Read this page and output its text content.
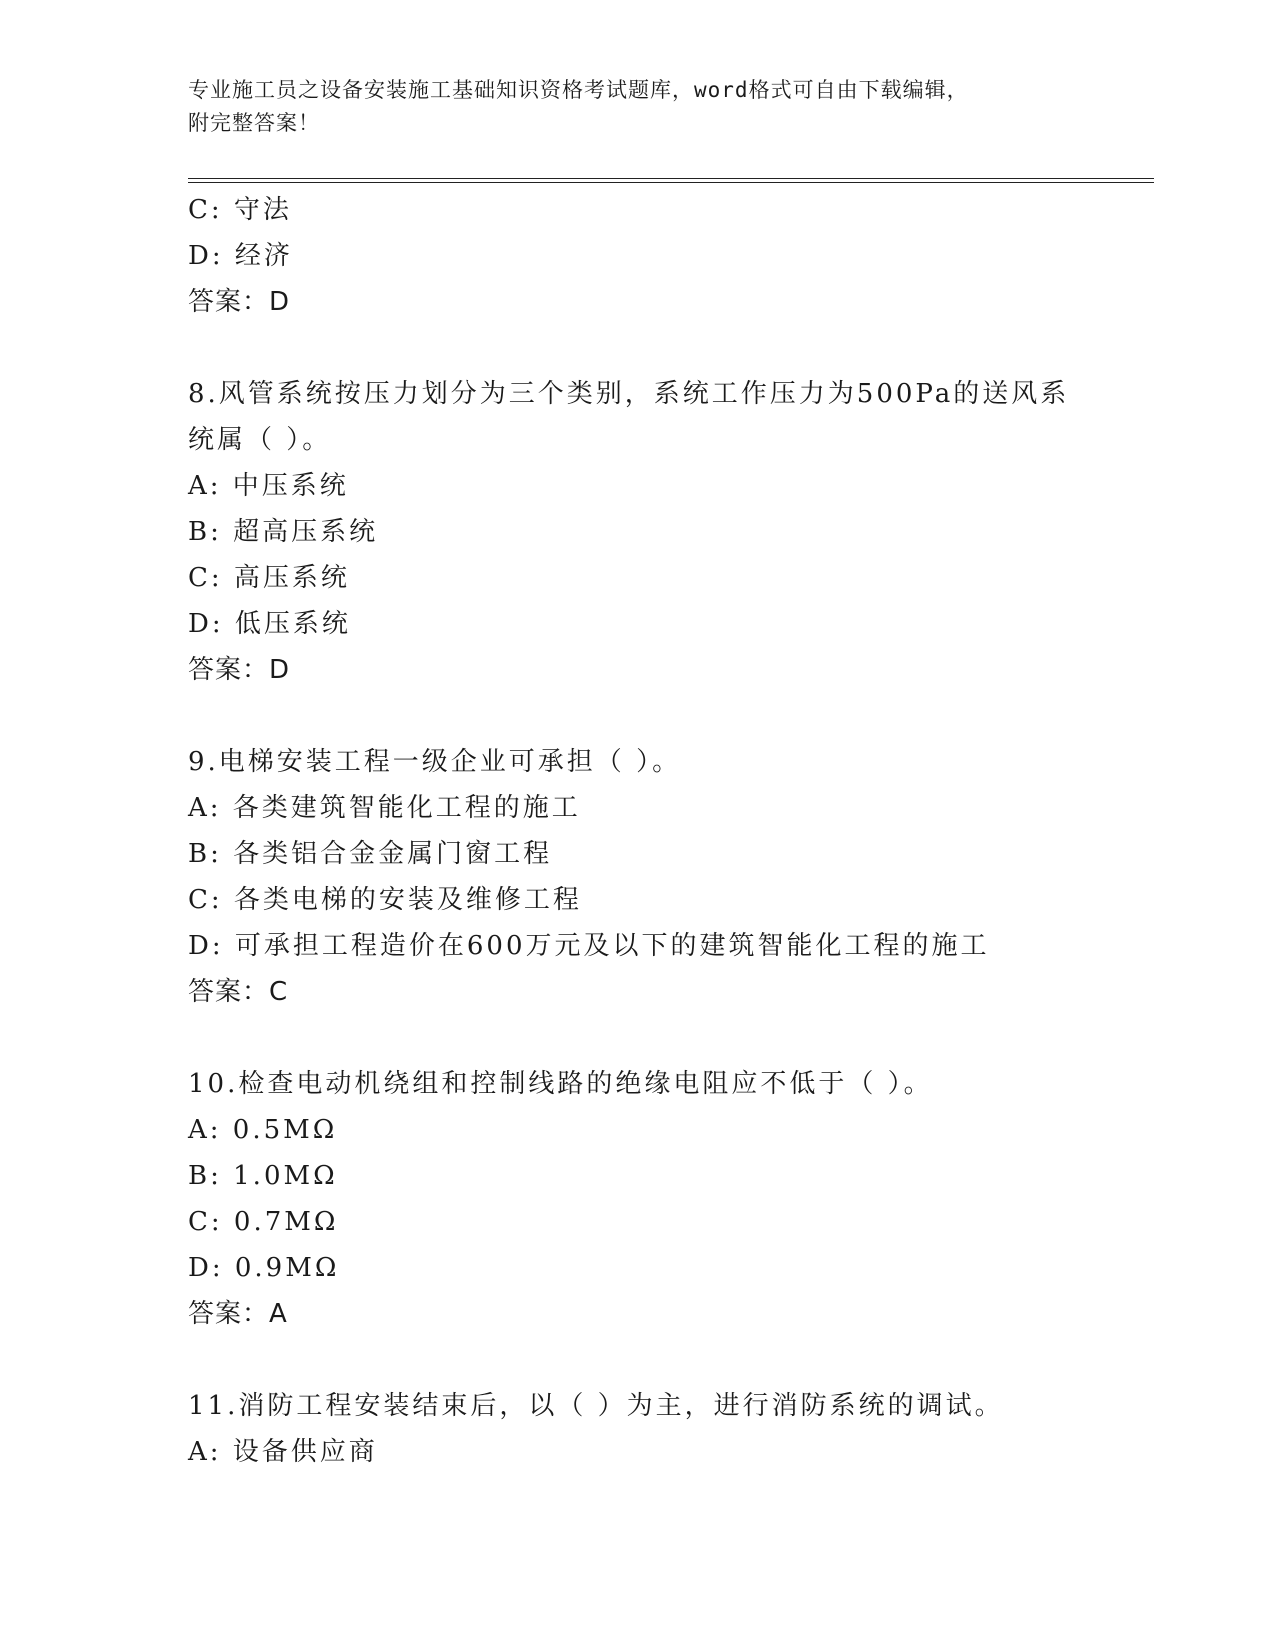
专业施工员之设备安装施工基础知识资格考试题库，word格式可自由下载编辑，
附完整答案！
C: 守法
D: 经济
答案：D
8.风管系统按压力划分为三个类别，系统工作压力为500Pa的送风系
统属（ ）。
A: 中压系统
B: 超高压系统
C: 高压系统
D: 低压系统
答案：D
9.电梯安装工程一级企业可承担（ ）。
A: 各类建筑智能化工程的施工
B: 各类铝合金金属门窗工程
C: 各类电梯的安装及维修工程
D: 可承担工程造价在600万元及以下的建筑智能化工程的施工
答案：C
10.检查电动机绕组和控制线路的绝缘电阻应不低于（ ）。
A: 0.5MΩ
B: 1.0MΩ
C: 0.7MΩ
D: 0.9MΩ
答案：A
11.消防工程安装结束后，以（ ）为主，进行消防系统的调试。
A: 设备供应商
